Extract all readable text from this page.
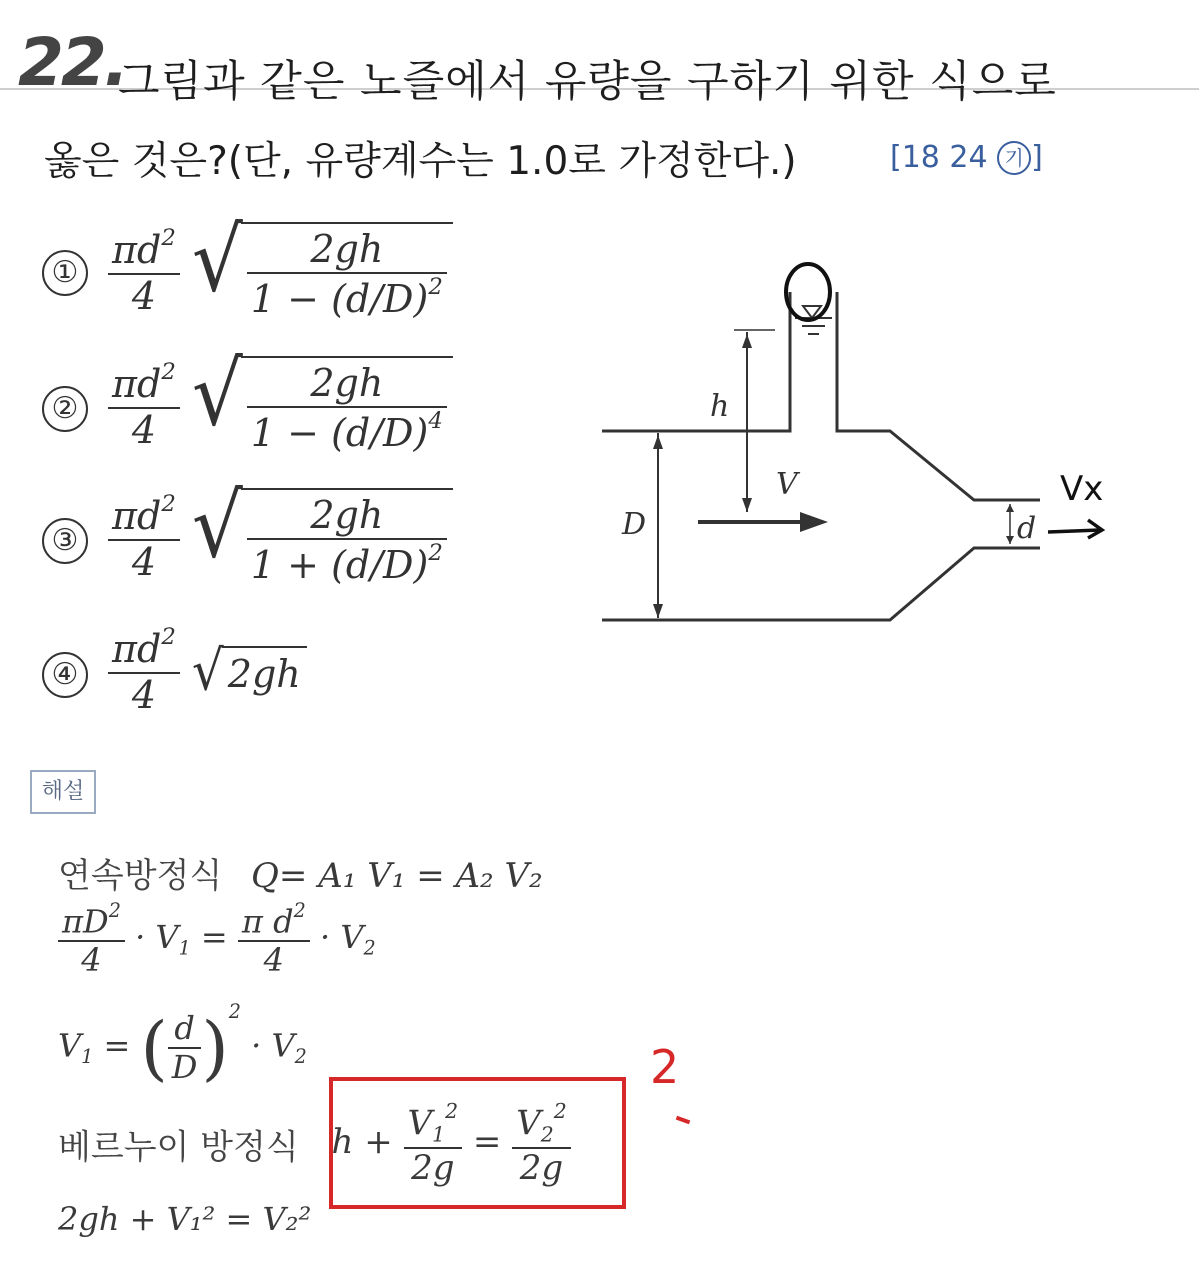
22.
그림과 같은 노즐에서 유량을 구하기 위한 식으로
옳은 것은?(단, 유량계수는 1.0로 가정한다.)	[18 24 기 ]
① $\frac{\pi d^2}{4}$
√ $\frac{2gh}{1 - (d/D)^2}$
② $\frac{\pi d^2}{4}$
√ $\frac{2gh}{1 - (d/D)^4}$
③ $\frac{\pi d^2}{4}$
√ $\frac{2gh}{1 + (d/D)^2}$
④ $\frac{\pi d^2}{4}$
√ 2gh
h
V
D	d
Vx
해설
연속방정식 Q= A₁ V₁ = A₂ V₂
$\frac{\pi D^2}{4} \cdot V_1 = \frac{\pi d^2}{4} \cdot V_2$
$V_1$ = ( $\frac{d}{D} )^2 \cdot V_2$
베르누이 방정식 $h + \frac{V_1^2}{2g} = \frac{V_2^2}{2g}$
2
2gh + V₁² = V₂²
